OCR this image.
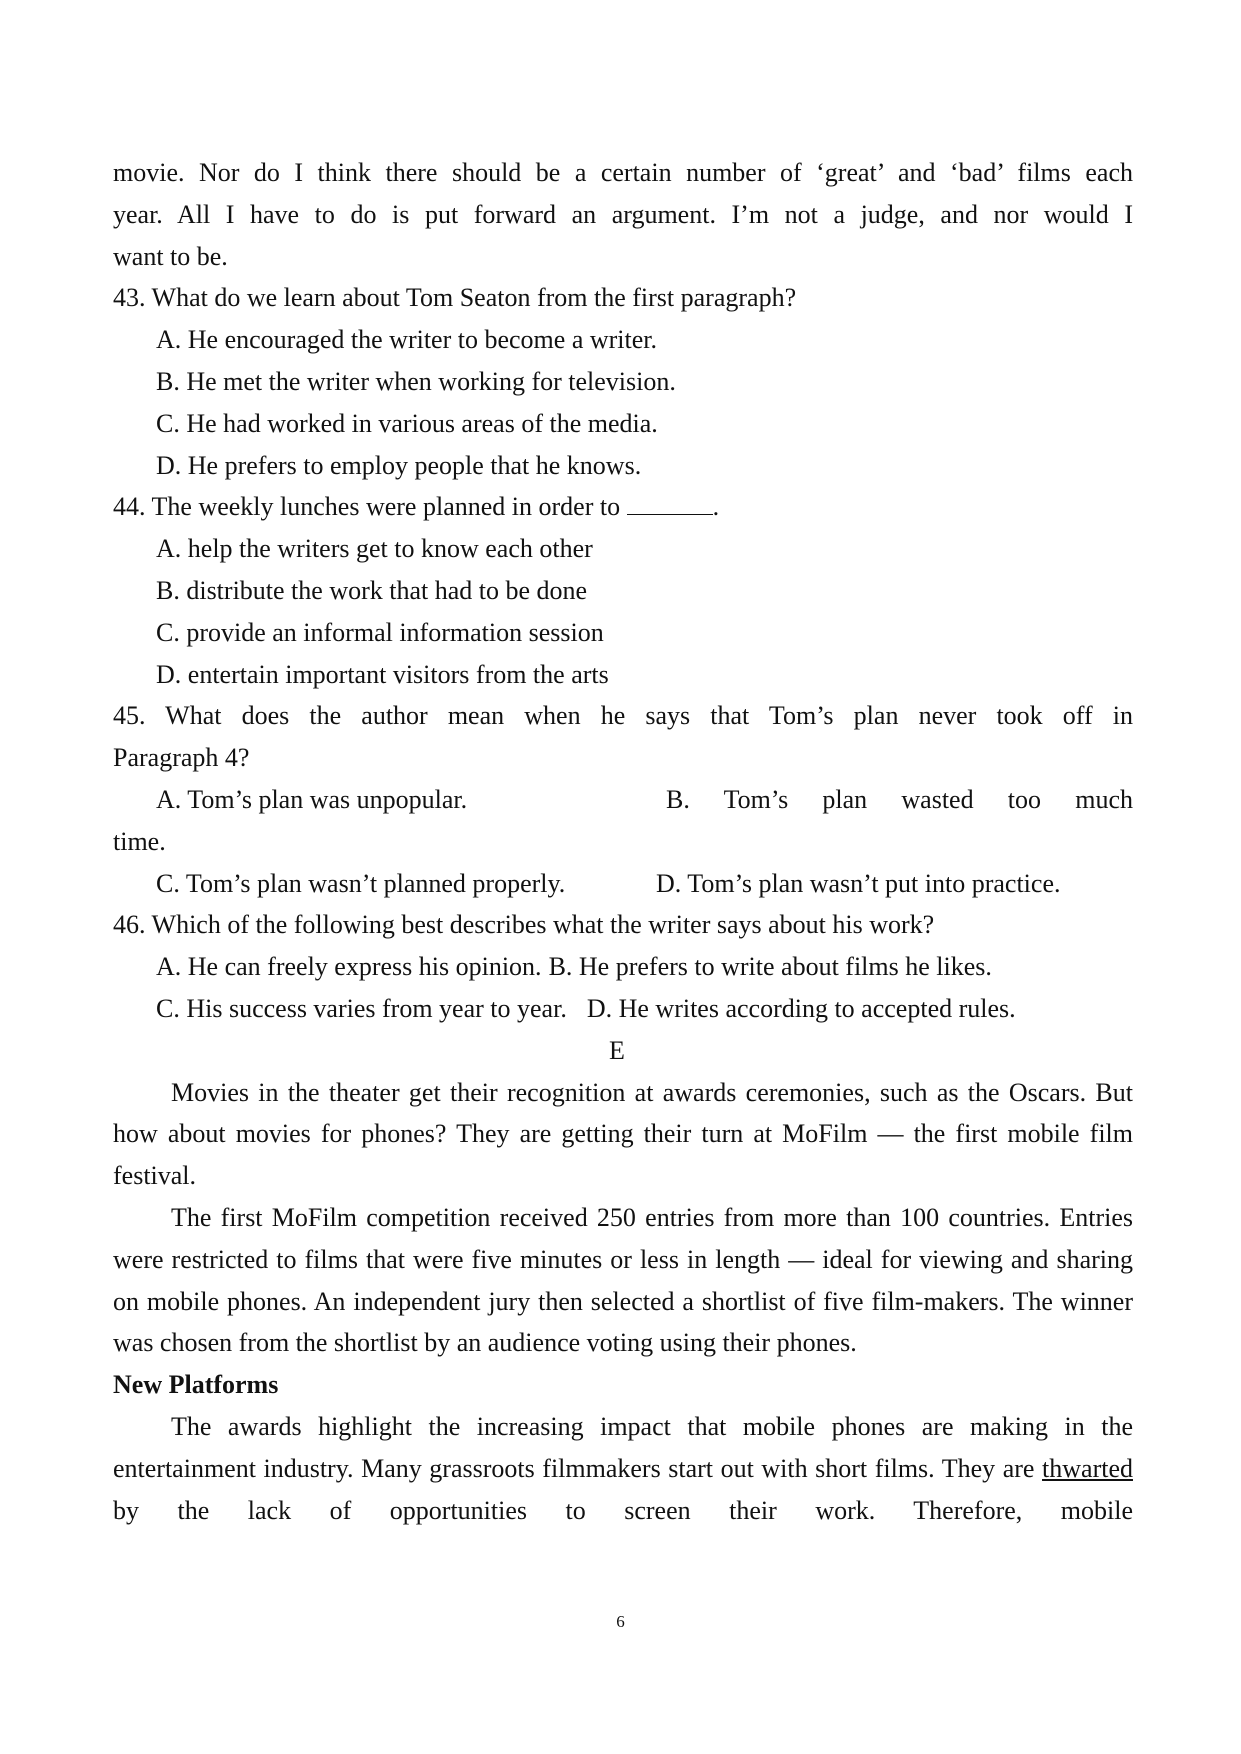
movie. Nor do I think there should be a certain number of ‘great’ and ‘bad’ films each
year. All I have to do is put forward an argument. I’m not a judge, and nor would I
want to be.
43. What do we learn about Tom Seaton from the first paragraph?
A. He encouraged the writer to become a writer.
B. He met the writer when working for television.
C. He had worked in various areas of the media.
D. He prefers to employ people that he knows.
44. The weekly lunches were planned in order to	.
A. help the writers get to know each other
B. distribute the work that had to be done
C. provide an informal information session
D. entertain important visitors from the arts
45. What does the author mean when he says that Tom’s plan never took off in
Paragraph 4?
A. Tom’s plan was unpopular.	B. Tom’s plan wasted too much
time.
C. Tom’s plan wasn’t planned properly.	D. Tom’s plan wasn’t put into practice.
46. Which of the following best describes what the writer says about his work?
A. He can freely express his opinion. B. He prefers to write about films he likes.
C. His success varies from year to year. D. He writes according to accepted rules.
E
Movies in the theater get their recognition at awards ceremonies, such as the Oscars. But how about movies for phones? They are getting their turn at MoFilm — the first mobile film festival.
The first MoFilm competition received 250 entries from more than 100 countries. Entries were restricted to films that were five minutes or less in length — ideal for viewing and sharing on mobile phones. An independent jury then selected a shortlist of five film-makers. The winner was chosen from the shortlist by an audience voting using their phones.
New Platforms
The awards highlight the increasing impact that mobile phones are making in the entertainment industry. Many grassroots filmmakers start out with short films. They are thwarted by the lack of opportunities to screen their work. Therefore, mobile
6
